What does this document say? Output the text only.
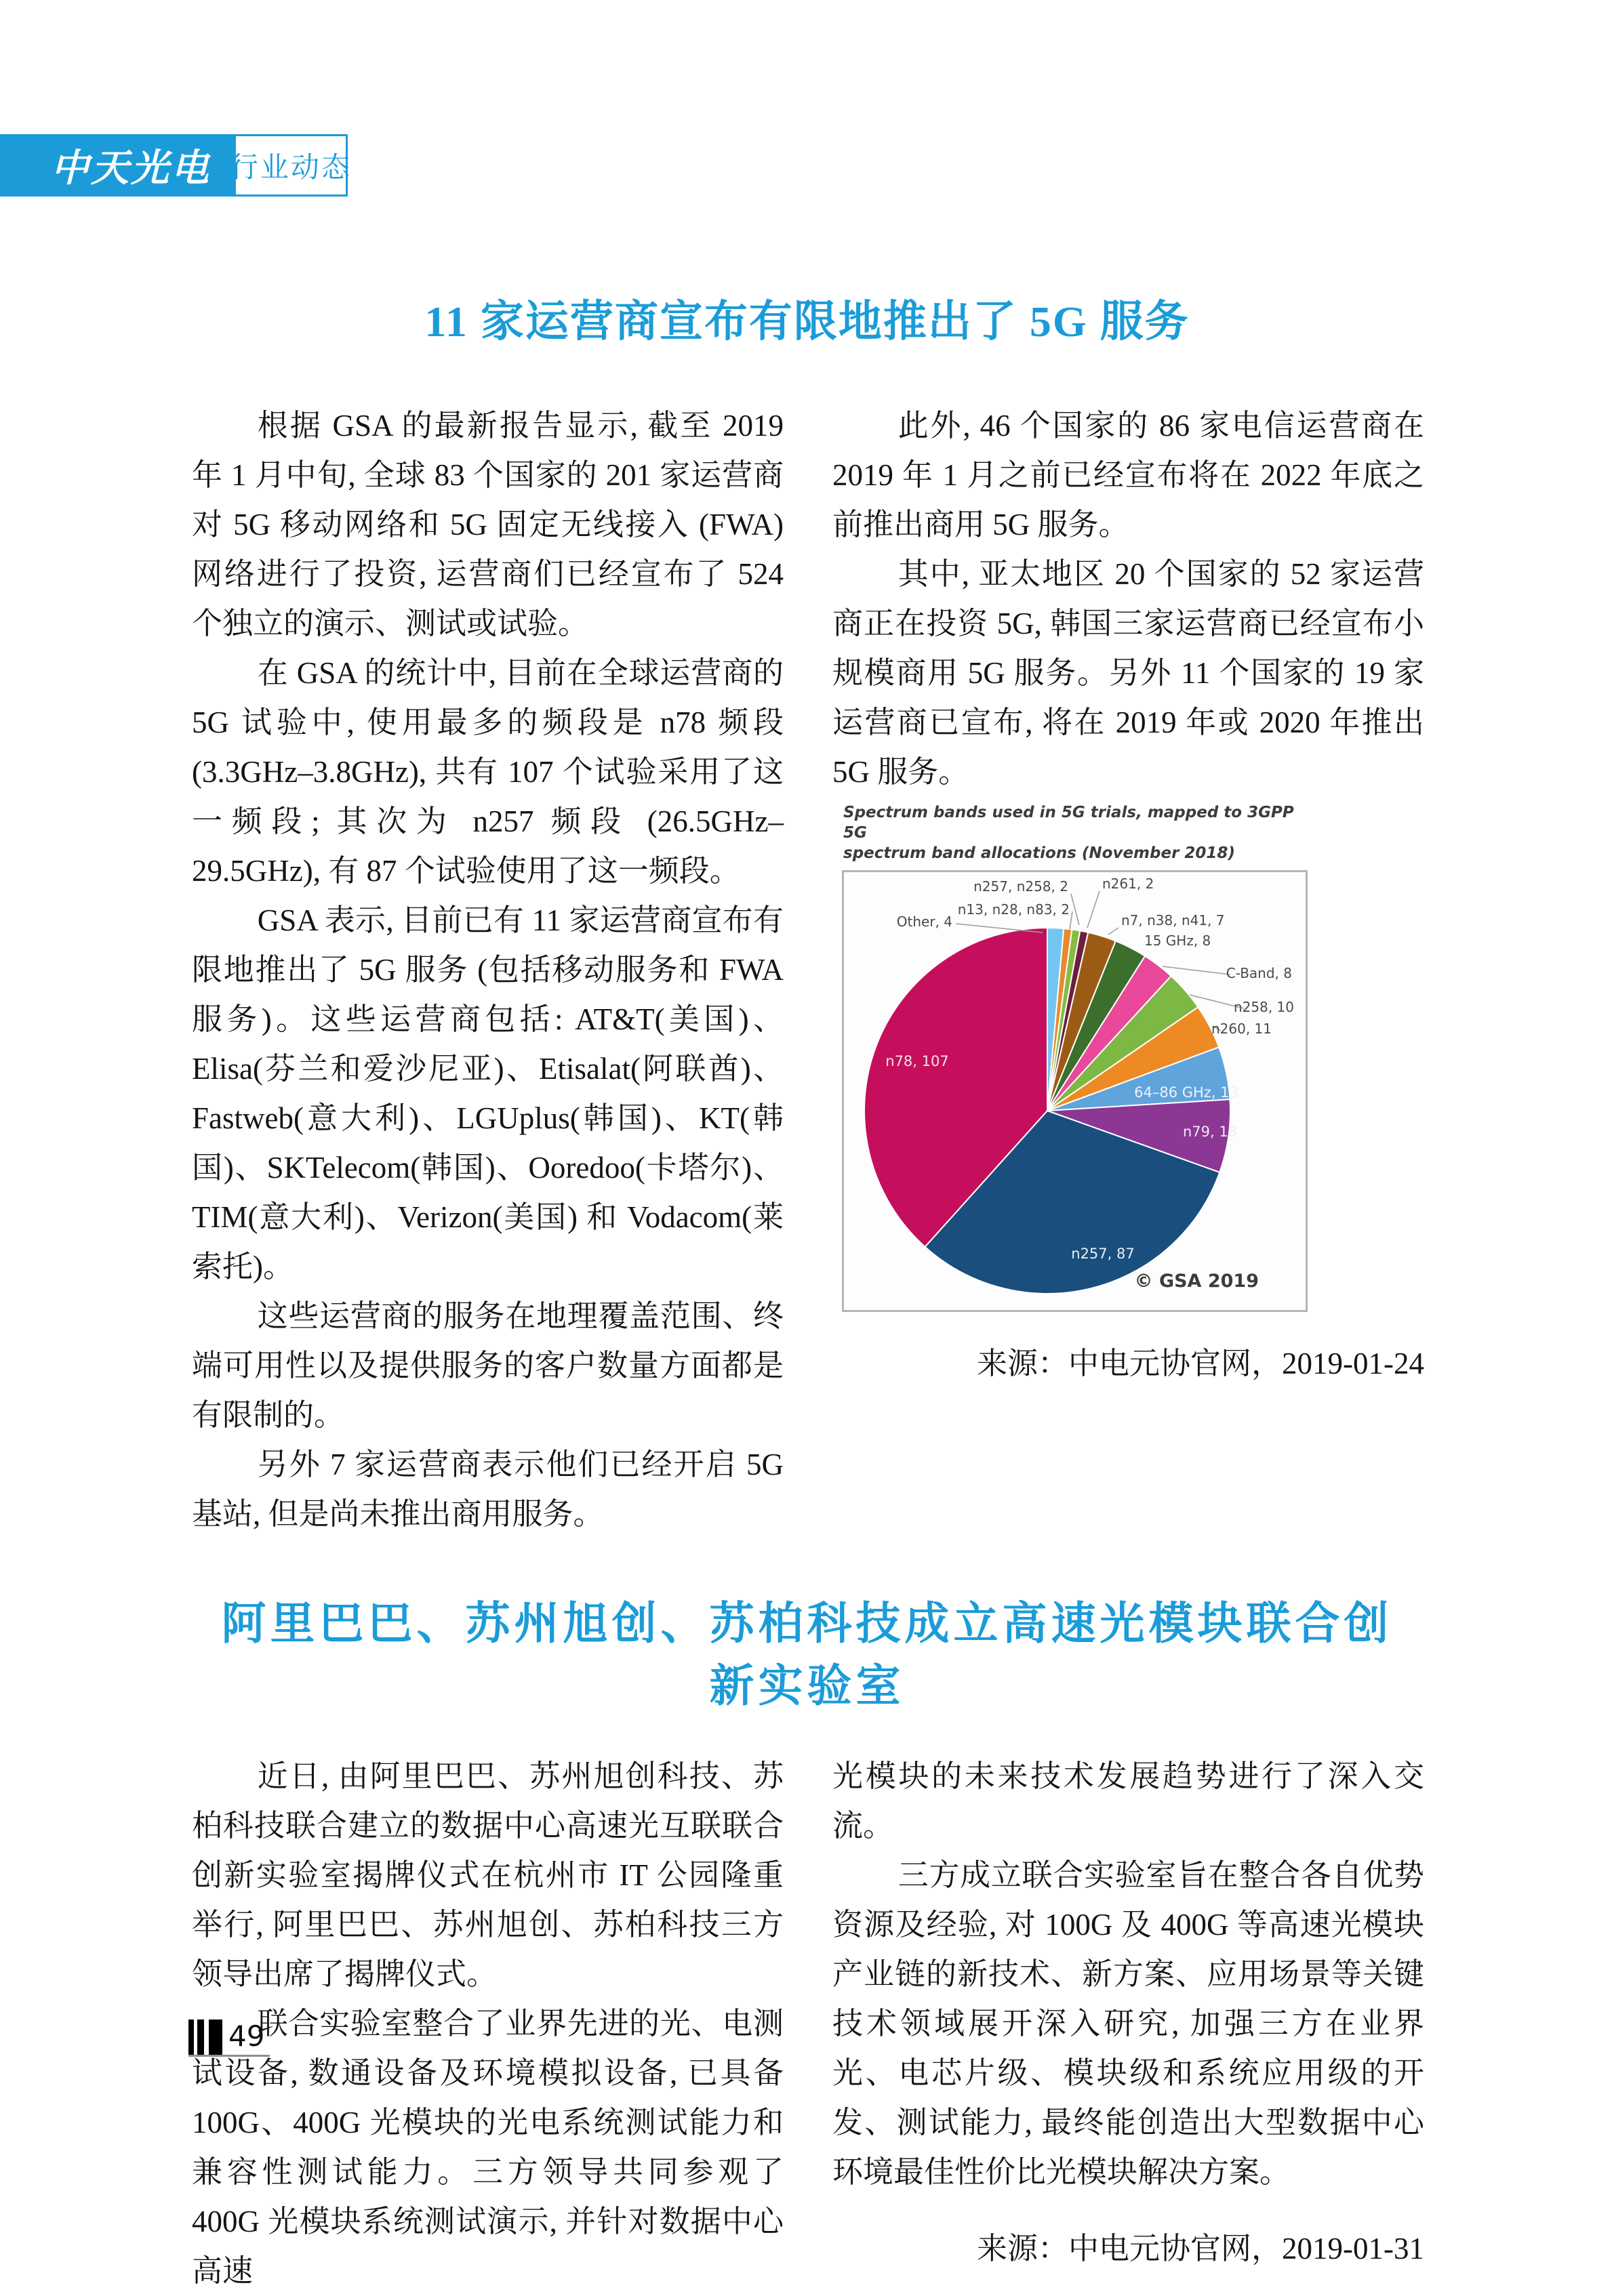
中天光电 行业动态
11 家运营商宣布有限地推出了 5G 服务

根据 GSA 的最新报告显示, 截至 2019 年 1 月中旬, 全球 83 个国家的 201 家运营商对 5G 移动网络和 5G 固定无线接入 (FWA) 网络进行了投资, 运营商们已经宣布了 524 个独立的演示、测试或试验。

在 GSA 的统计中, 目前在全球运营商的 5G 试验中, 使用最多的频段是 n78 频段 (3.3GHz–3.8GHz), 共有 107 个试验采用了这一频段; 其次为 n257 频段 (26.5GHz–29.5GHz), 有 87 个试验使用了这一频段。

GSA 表示, 目前已有 11 家运营商宣布有限地推出了 5G 服务 (包括移动服务和 FWA 服务)。这些运营商包括: AT&T(美国)、Elisa(芬兰和爱沙尼亚)、Etisalat(阿联酋)、Fastweb(意大利)、LGUplus(韩国)、KT(韩国)、SKTelecom(韩国)、Ooredoo(卡塔尔)、TIM(意大利)、Verizon(美国) 和 Vodacom(莱索托)。

这些运营商的服务在地理覆盖范围、终端可用性以及提供服务的客户数量方面都是有限制的。

另外 7 家运营商表示他们已经开启 5G 基站, 但是尚未推出商用服务。

此外, 46 个国家的 86 家电信运营商在 2019 年 1 月之前已经宣布将在 2022 年底之前推出商用 5G 服务。

其中, 亚太地区 20 个国家的 52 家运营商正在投资 5G, 韩国三家运营商已经宣布小规模商用 5G 服务。另外 11 个国家的 19 家运营商已宣布, 将在 2019 年或 2020 年推出 5G 服务。

Spectrum bands used in 5G trials, mapped to 3GPP 5G
spectrum band allocations (November 2018)
Other, 4
n13, n28, n83, 2
n257, n258, 2	n261, 2
n7, n38, n41, 7
15 GHz, 8
C-Band, 8
n258, 10
n260, 11
64–86 GHz, 13
n79, 18
n257, 87
n78, 107
© GSA 2019

来源：中电元协官网，2019-01-24

阿里巴巴、苏州旭创、苏柏科技成立高速光模块联合创
新实验室

近日, 由阿里巴巴、苏州旭创科技、苏柏科技联合建立的数据中心高速光互联联合创新实验室揭牌仪式在杭州市 IT 公园隆重举行, 阿里巴巴、苏州旭创、苏柏科技三方领导出席了揭牌仪式。

联合实验室整合了业界先进的光、电测试设备, 数通设备及环境模拟设备, 已具备 100G、400G 光模块的光电系统测试能力和兼容性测试能力。三方领导共同参观了 400G 光模块系统测试演示, 并针对数据中心高速

光模块的未来技术发展趋势进行了深入交流。

三方成立联合实验室旨在整合各自优势资源及经验, 对 100G 及 400G 等高速光模块产业链的新技术、新方案、应用场景等关键技术领域展开深入研究, 加强三方在业界光、电芯片级、模块级和系统应用级的开发、测试能力, 最终能创造出大型数据中心环境最佳性价比光模块解决方案。

来源：中电元协官网，2019-01-31

49
